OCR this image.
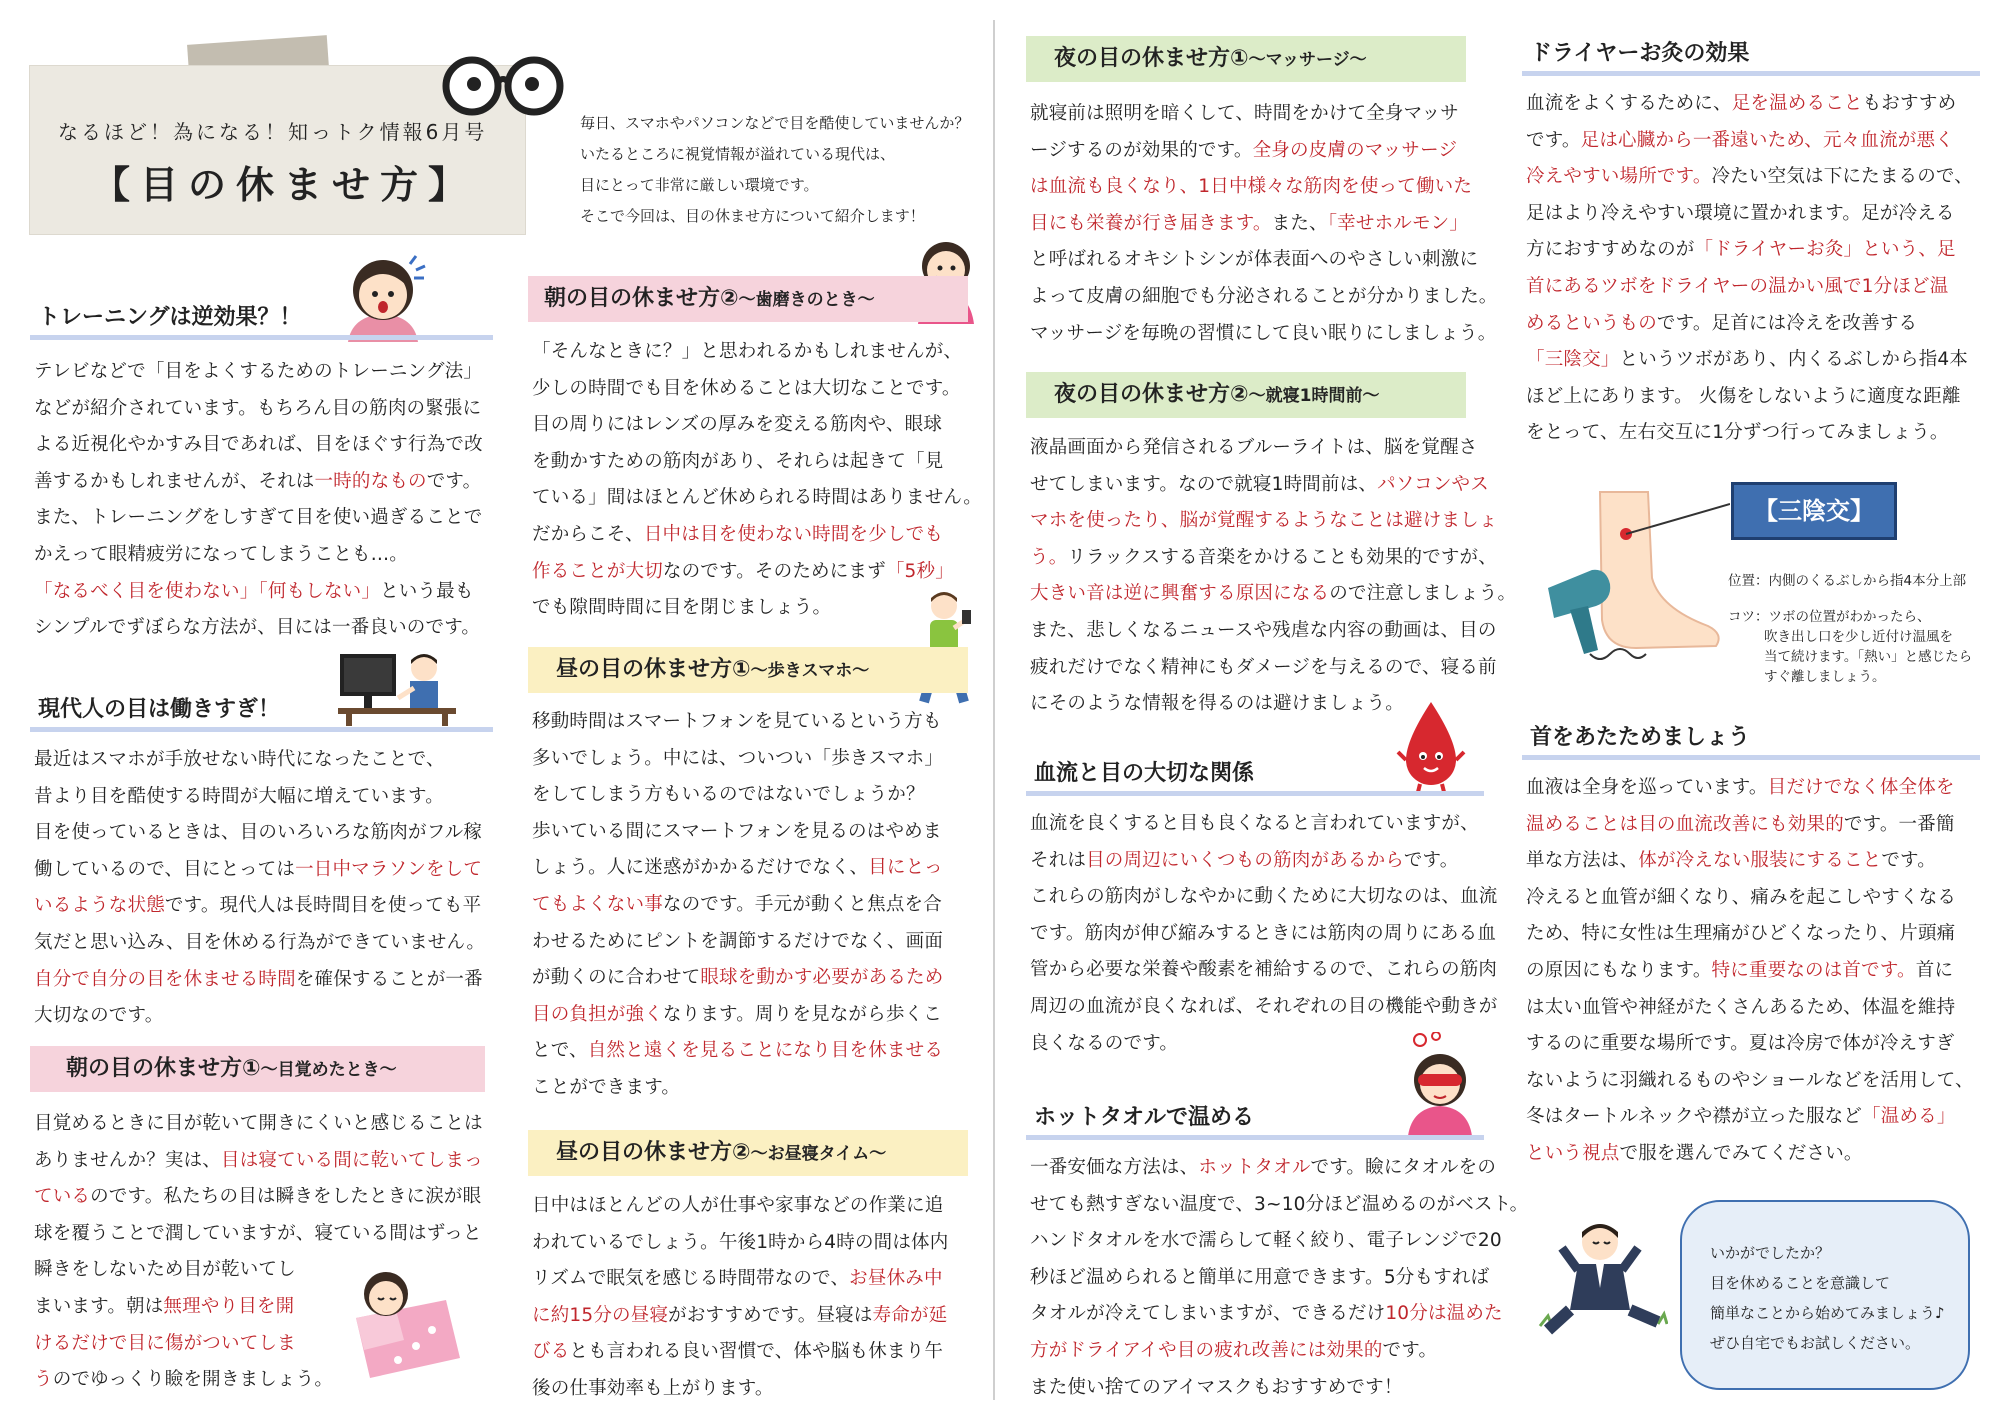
なるほど！為になる！知っトク情報6月号
【目の休ませ方】
毎日、スマホやパソコンなどで目を酷使していませんか？
いたるところに視覚情報が溢れている現代は、
目にとって非常に厳しい環境です。
そこで今回は、目の休ませ方について紹介します！
トレーニングは逆効果？！

テレビなどで「目をよくするためのトレーニング法」

などが紹介されています。もちろん目の筋肉の緊張に

よる近視化やかすみ目であれば、目をほぐす行為で改

善するかもしれませんが、それは一時的なものです。

また、トレーニングをしすぎて目を使い過ぎることで

かえって眼精疲労になってしまうことも…。

「なるべく目を使わない」「何もしない」という最も

シンプルでずぼらな方法が、目には一番良いのです。

現代人の目は働きすぎ！

最近はスマホが手放せない時代になったことで、

昔より目を酷使する時間が大幅に増えています。

目を使っているときは、目のいろいろな筋肉がフル稼

働しているので、目にとっては一日中マラソンをして

いるような状態です。現代人は長時間目を使っても平

気だと思い込み、目を休める行為ができていません。

自分で自分の目を休ませる時間を確保することが一番

大切なのです。

朝の目の休ませ方①～目覚めたとき～

目覚めるときに目が乾いて開きにくいと感じることは

ありませんか？実は、目は寝ている間に乾いてしまっ

ているのです。私たちの目は瞬きをしたときに涙が眼

球を覆うことで潤していますが、寝ている間はずっと

瞬きをしないため目が乾いてし

まいます。朝は無理やり目を開

けるだけで目に傷がついてしま

うのでゆっくり瞼を開きましょう。

朝の目の休ませ方②～歯磨きのとき～

「そんなときに？」と思われるかもしれませんが、

少しの時間でも目を休めることは大切なことです。

目の周りにはレンズの厚みを変える筋肉や、眼球

を動かすための筋肉があり、それらは起きて「見

ている」間はほとんど休められる時間はありません。

だからこそ、日中は目を使わない時間を少しでも

作ることが大切なのです。そのためにまず「5秒」

でも隙間時間に目を閉じましょう。

昼の目の休ませ方①～歩きスマホ～

移動時間はスマートフォンを見ているという方も

多いでしょう。中には、ついつい「歩きスマホ」

をしてしまう方もいるのではないでしょうか？

歩いている間にスマートフォンを見るのはやめま

しょう。人に迷惑がかかるだけでなく、目にとっ

てもよくない事なのです。手元が動くと焦点を合

わせるためにピントを調節するだけでなく、画面

が動くのに合わせて眼球を動かす必要があるため

目の負担が強くなります。周りを見ながら歩くこ

とで、自然と遠くを見ることになり目を休ませる

ことができます。

昼の目の休ませ方②～お昼寝タイム～

日中はほとんどの人が仕事や家事などの作業に追

われているでしょう。午後1時から4時の間は体内

リズムで眠気を感じる時間帯なので、お昼休み中

に約15分の昼寝がおすすめです。昼寝は寿命が延

びるとも言われる良い習慣で、体や脳も休まり午

後の仕事効率も上がります。

夜の目の休ませ方①～マッサージ～

就寝前は照明を暗くして、時間をかけて全身マッサ

ージするのが効果的です。全身の皮膚のマッサージ

は血流も良くなり、1日中様々な筋肉を使って働いた

目にも栄養が行き届きます。また、「幸せホルモン」

と呼ばれるオキシトシンが体表面へのやさしい刺激に

よって皮膚の細胞でも分泌されることが分かりました。

マッサージを毎晩の習慣にして良い眠りにしましょう。

夜の目の休ませ方②～就寝1時間前～

液晶画面から発信されるブルーライトは、脳を覚醒さ

せてしまいます。なので就寝1時間前は、パソコンやス

マホを使ったり、脳が覚醒するようなことは避けましょ

う。リラックスする音楽をかけることも効果的ですが、

大きい音は逆に興奮する原因になるので注意しましょう。

また、悲しくなるニュースや残虐な内容の動画は、目の

疲れだけでなく精神にもダメージを与えるので、寝る前

にそのような情報を得るのは避けましょう。

血流と目の大切な関係

血流を良くすると目も良くなると言われていますが、

それは目の周辺にいくつもの筋肉があるからです。

これらの筋肉がしなやかに動くために大切なのは、血流

です。筋肉が伸び縮みするときには筋肉の周りにある血

管から必要な栄養や酸素を補給するので、これらの筋肉

周辺の血流が良くなれば、それぞれの目の機能や動きが

良くなるのです。

ホットタオルで温める

一番安価な方法は、ホットタオルです。瞼にタオルをの

せても熱すぎない温度で、3~10分ほど温めるのがベスト。

ハンドタオルを水で濡らして軽く絞り、電子レンジで20

秒ほど温められると簡単に用意できます。5分もすれば

タオルが冷えてしまいますが、できるだけ10分は温めた

方がドライアイや目の疲れ改善には効果的です。

また使い捨てのアイマスクもおすすめです！

ドライヤーお灸の効果

血流をよくするために、足を温めることもおすすめ

です。足は心臓から一番遠いため、元々血流が悪く

冷えやすい場所です。冷たい空気は下にたまるので、

足はより冷えやすい環境に置かれます。足が冷える

方におすすめなのが「ドライヤーお灸」という、足

首にあるツボをドライヤーの温かい風で1分ほど温

めるというものです。足首には冷えを改善する

「三陰交」というツボがあり、内くるぶしから指4本

ほど上にあります。 火傷をしないように適度な距離

をとって、左右交互に1分ずつ行ってみましょう。

【三陰交】
位置：内側のくるぶしから指4本分上部
コツ：ツボの位置がわかったら、
吹き出し口を少し近付け温風を
当て続けます。「熱い」と感じたら
すぐ離しましょう。
首をあたためましょう

血液は全身を巡っています。目だけでなく体全体を

温めることは目の血流改善にも効果的です。一番簡

単な方法は、体が冷えない服装にすることです。

冷えると血管が細くなり、痛みを起こしやすくなる

ため、特に女性は生理痛がひどくなったり、片頭痛

の原因にもなります。特に重要なのは首です。首に

は太い血管や神経がたくさんあるため、体温を維持

するのに重要な場所です。夏は冷房で体が冷えすぎ

ないように羽織れるものやショールなどを活用して、

冬はタートルネックや襟が立った服など「温める」

という視点で服を選んでみてください。

いかがでしたか？
目を休めることを意識して
簡単なことから始めてみましょう♪
ぜひ自宅でもお試しください。
